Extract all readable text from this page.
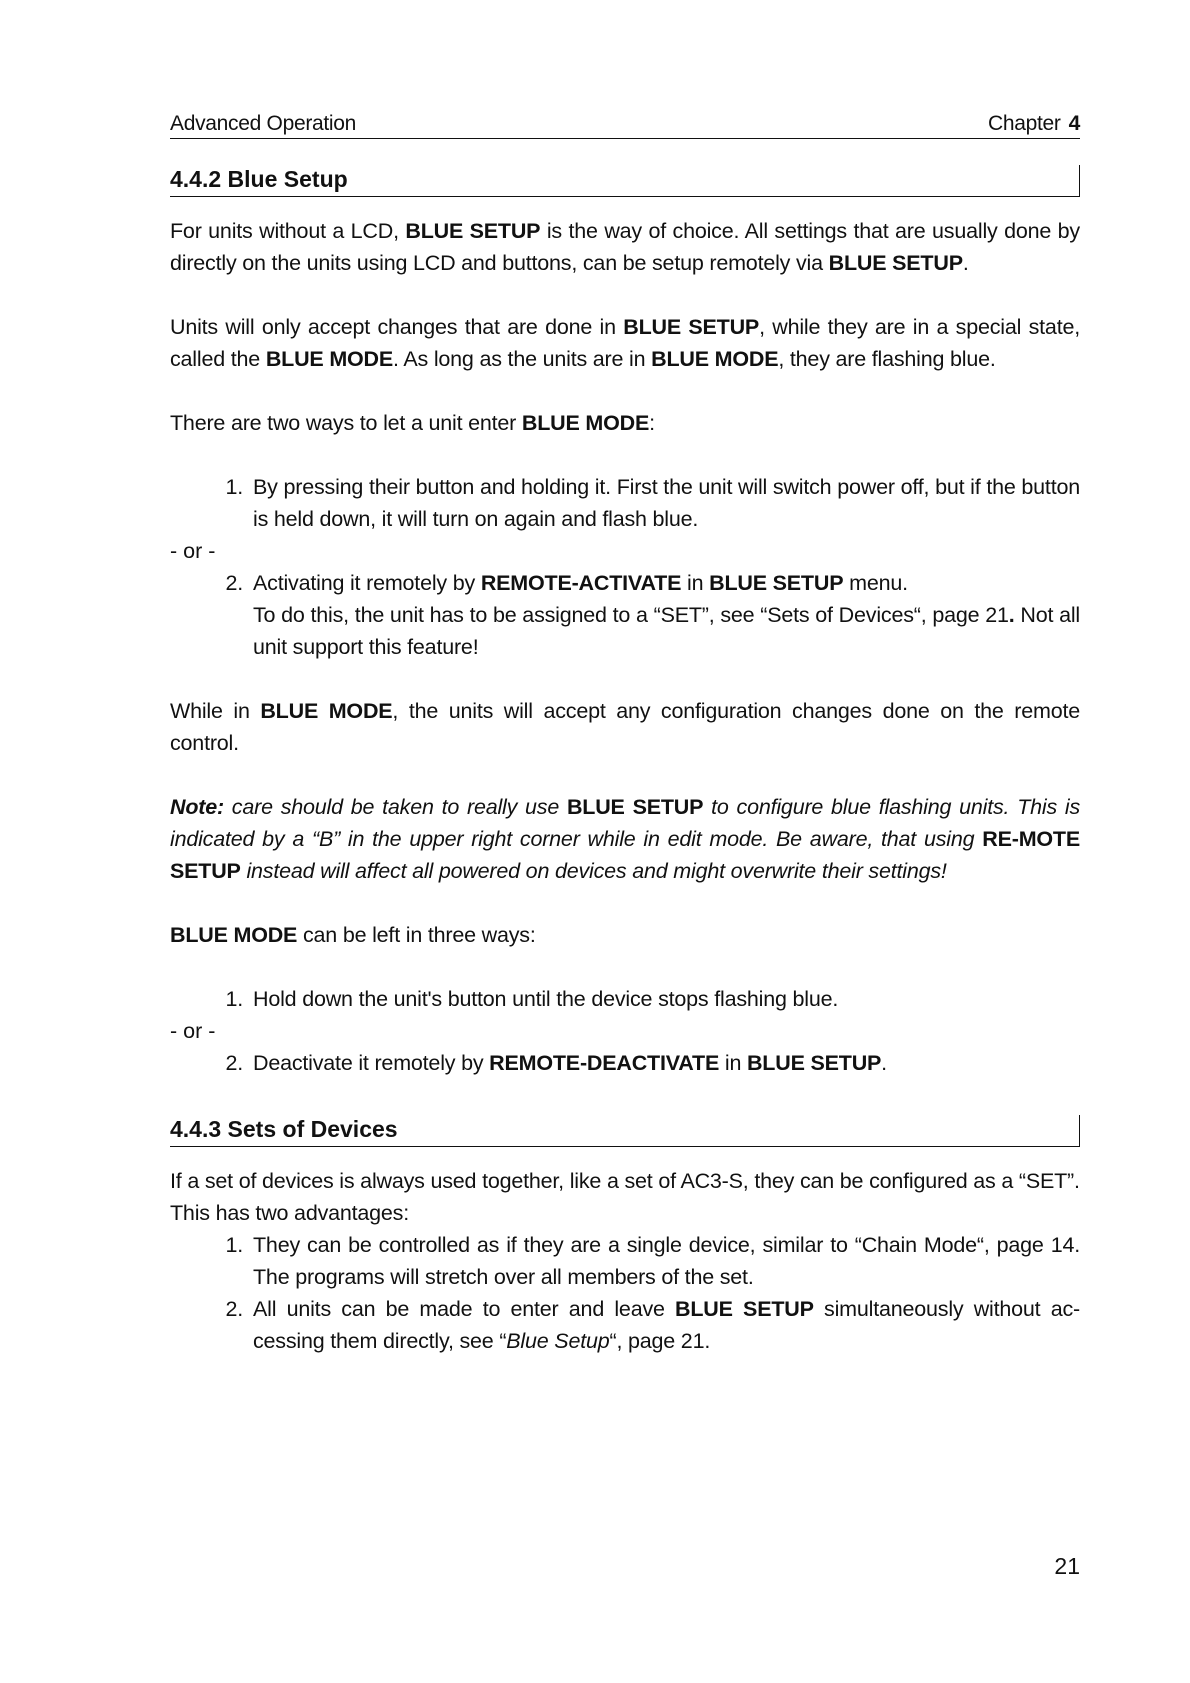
Advanced Operation	Chapter 4
4.4.2 Blue Setup

For units without a LCD, BLUE SETUP is the way of choice. All settings that are usually done by directly on the units using LCD and buttons, can be setup remotely via BLUE SETUP.

Units will only accept changes that are done in BLUE SETUP, while they are in a special state, called the BLUE MODE. As long as the units are in BLUE MODE, they are flashing blue.

There are two ways to let a unit enter BLUE MODE:

1. By pressing their button and holding it. First the unit will switch power off, but if the button is held down, it will turn on again and flash blue.
- or -
2. Activating it remotely by REMOTE-ACTIVATE in BLUE SETUP menu.
To do this, the unit has to be assigned to a “SET”, see “Sets of Devices“, page 21. Not all unit support this feature!

While in BLUE MODE, the units will accept any configuration changes done on the remote control.

Note: care should be taken to really use BLUE SETUP to configure blue flashing units. This is indicated by a “B” in the upper right corner while in edit mode. Be aware, that using RE-MOTE SETUP instead will affect all powered on devices and might overwrite their settings!

BLUE MODE can be left in three ways:

1. Hold down the unit's button until the device stops flashing blue.
- or -
2. Deactivate it remotely by REMOTE-DEACTIVATE in BLUE SETUP.
4.4.3 Sets of Devices

If a set of devices is always used together, like a set of AC3-S, they can be configured as a “SET”.

This has two advantages:

1. They can be controlled as if they are a single device, similar to “Chain Mode“, page 14. The programs will stretch over all members of the set.
2. All units can be made to enter and leave BLUE SETUP simultaneously without ac-cessing them directly, see “Blue Setup“, page 21.
21
